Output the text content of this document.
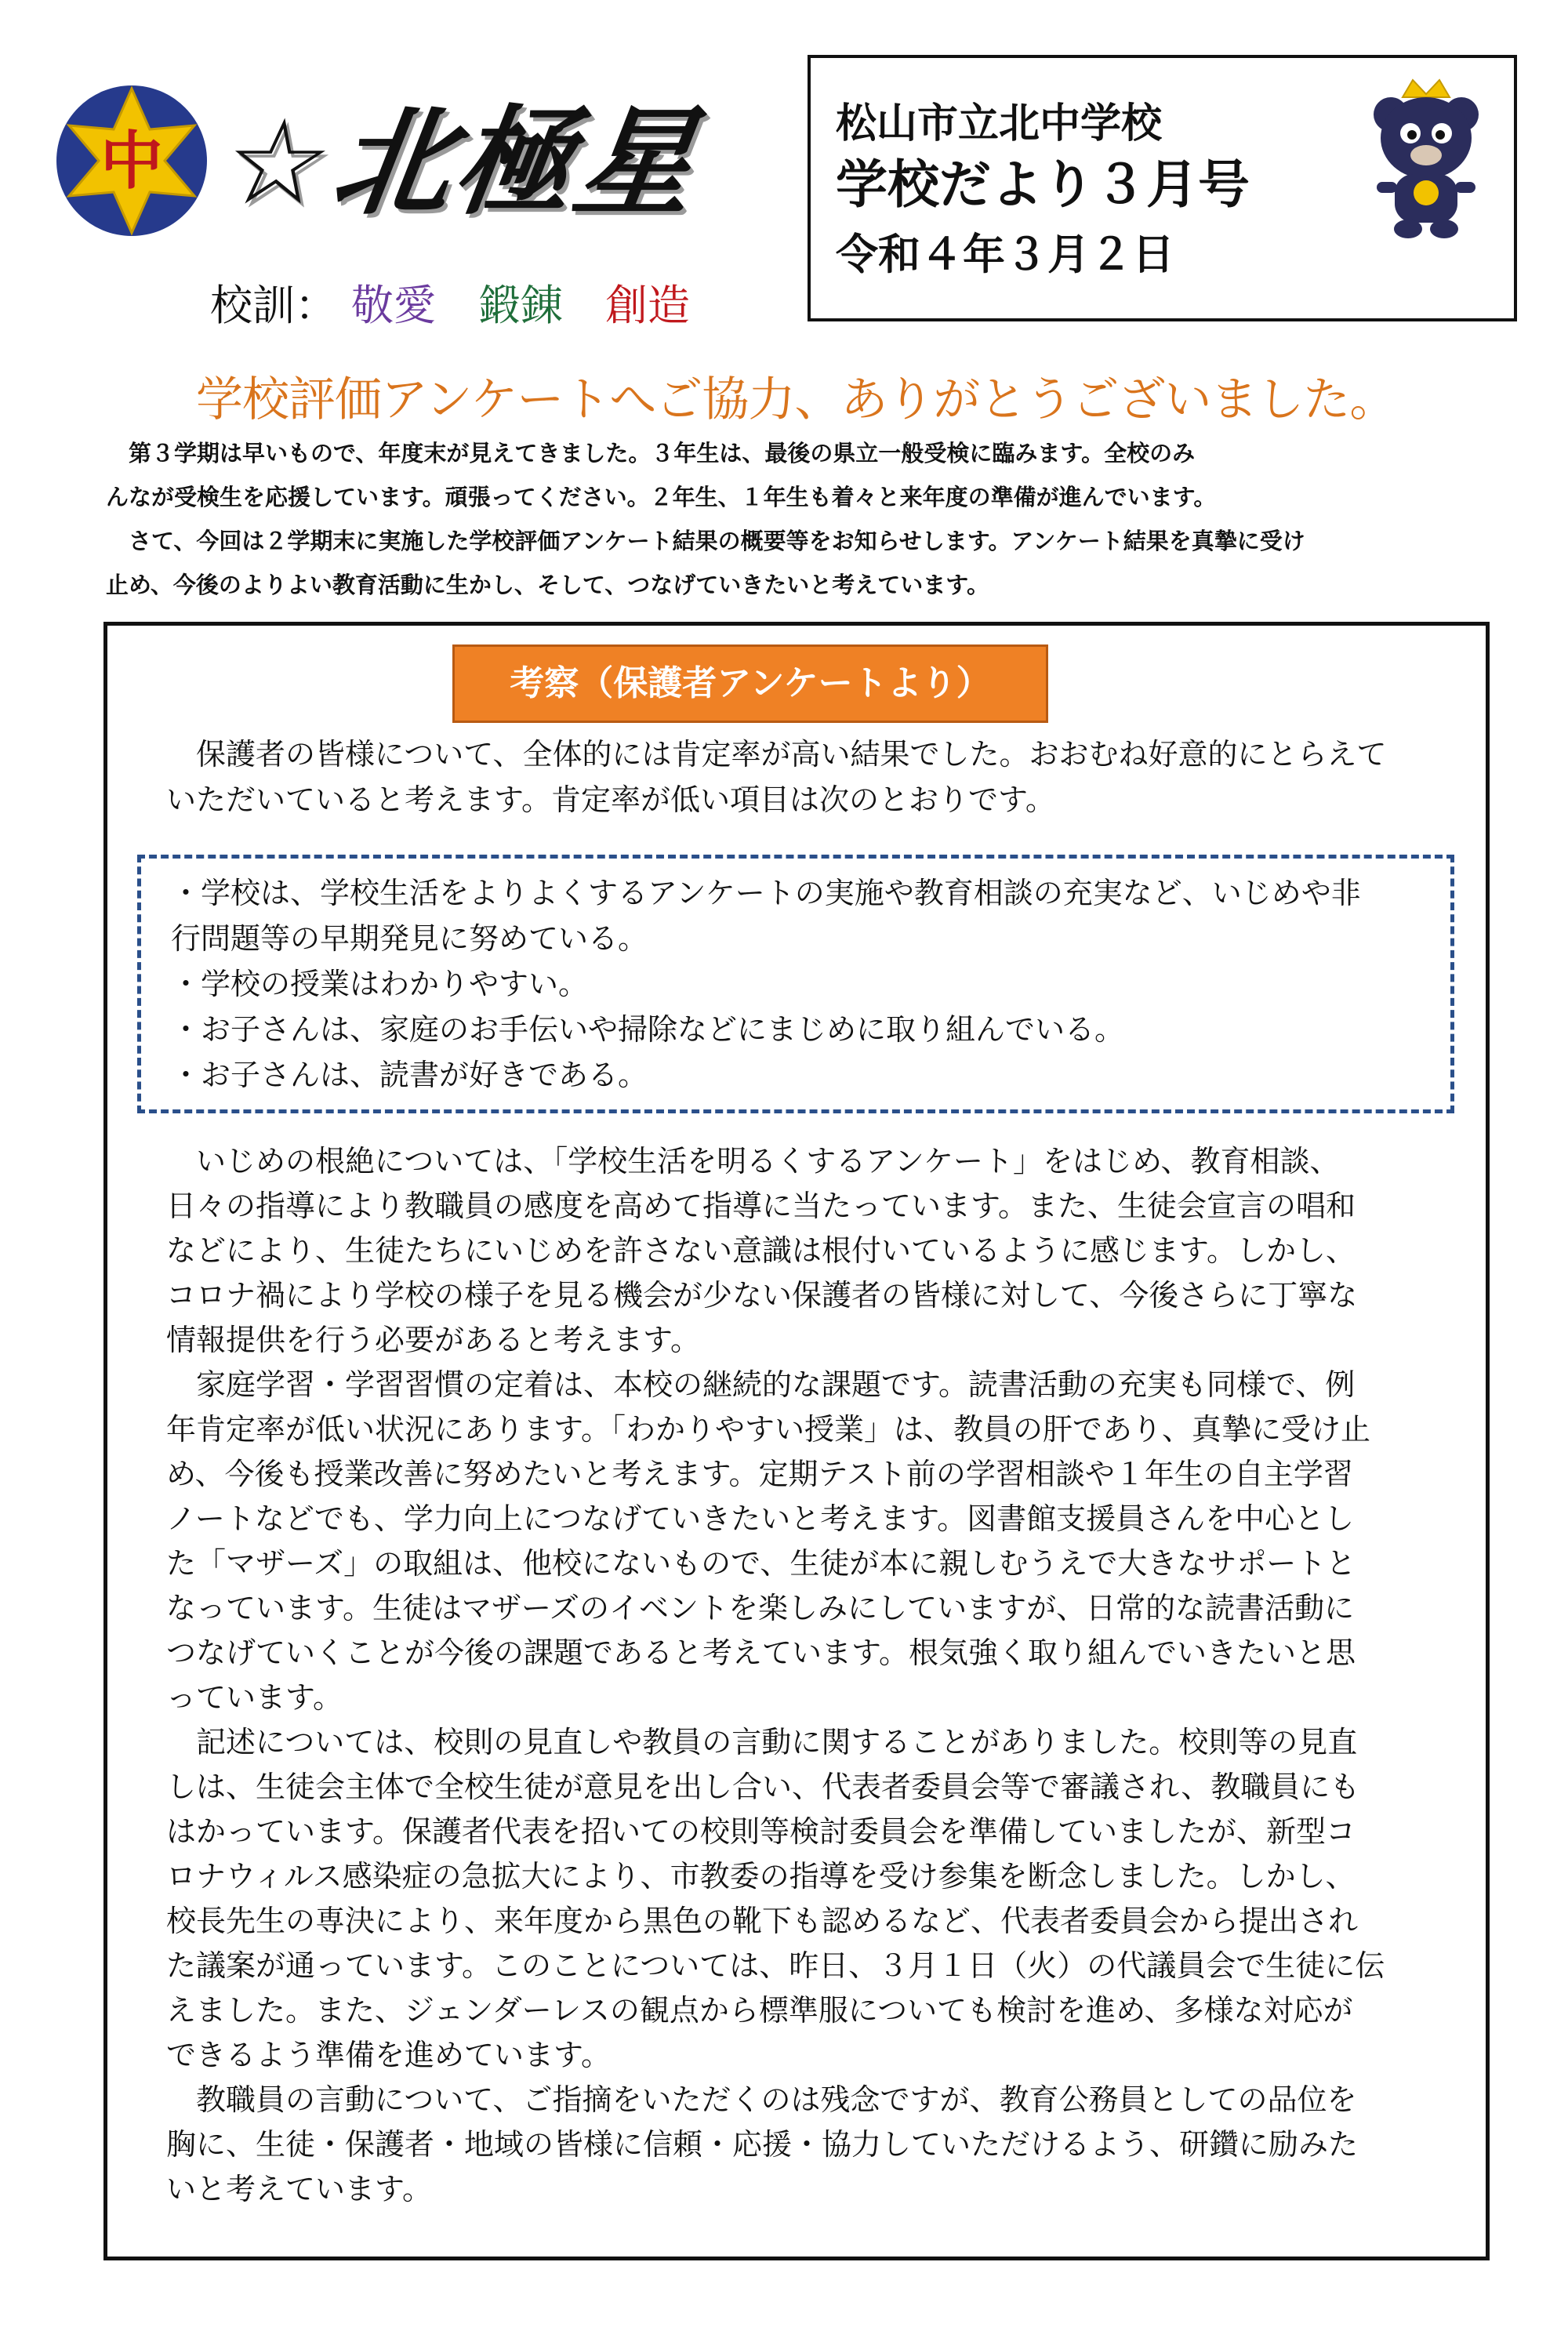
中 ☆北極星
校訓： 敬愛 鍛錬 創造
松山市立北中学校
学校だより３月号
令和４年３月２日
学校評価アンケートへご協力、ありがとうございました。
　第３学期は早いもので、年度末が見えてきました。３年生は、最後の県立一般受検に臨みます。全校のみ
んなが受検生を応援しています。頑張ってください。２年生、１年生も着々と来年度の準備が進んでいます。
　さて、今回は２学期末に実施した学校評価アンケート結果の概要等をお知らせします。アンケート結果を真摯に受け
止め、今後のよりよい教育活動に生かし、そして、つなげていきたいと考えています。
考察（保護者アンケートより）
　保護者の皆様について、全体的には肯定率が高い結果でした。おおむね好意的にとらえて
いただいていると考えます。肯定率が低い項目は次のとおりです。
・学校は、学校生活をよりよくするアンケートの実施や教育相談の充実など、いじめや非
行問題等の早期発見に努めている。
・学校の授業はわかりやすい。
・お子さんは、家庭のお手伝いや掃除などにまじめに取り組んでいる。
・お子さんは、読書が好きである。
　いじめの根絶については、「学校生活を明るくするアンケート」をはじめ、教育相談、
日々の指導により教職員の感度を高めて指導に当たっています。また、生徒会宣言の唱和
などにより、生徒たちにいじめを許さない意識は根付いているように感じます。しかし、
コロナ禍により学校の様子を見る機会が少ない保護者の皆様に対して、今後さらに丁寧な
情報提供を行う必要があると考えます。
　家庭学習・学習習慣の定着は、本校の継続的な課題です。読書活動の充実も同様で、例
年肯定率が低い状況にあります。「わかりやすい授業」は、教員の肝であり、真摯に受け止
め、今後も授業改善に努めたいと考えます。定期テスト前の学習相談や１年生の自主学習
ノートなどでも、学力向上につなげていきたいと考えます。図書館支援員さんを中心とし
た「マザーズ」の取組は、他校にないもので、生徒が本に親しむうえで大きなサポートと
なっています。生徒はマザーズのイベントを楽しみにしていますが、日常的な読書活動に
つなげていくことが今後の課題であると考えています。根気強く取り組んでいきたいと思
っています。
　記述については、校則の見直しや教員の言動に関することがありました。校則等の見直
しは、生徒会主体で全校生徒が意見を出し合い、代表者委員会等で審議され、教職員にも
はかっています。保護者代表を招いての校則等検討委員会を準備していましたが、新型コ
ロナウィルス感染症の急拡大により、市教委の指導を受け参集を断念しました。しかし、
校長先生の専決により、来年度から黒色の靴下も認めるなど、代表者委員会から提出され
た議案が通っています。このことについては、昨日、３月１日（火）の代議員会で生徒に伝
えました。また、ジェンダーレスの観点から標準服についても検討を進め、多様な対応が
できるよう準備を進めています。
　教職員の言動について、ご指摘をいただくのは残念ですが、教育公務員としての品位を
胸に、生徒・保護者・地域の皆様に信頼・応援・協力していただけるよう、研鑽に励みた
いと考えています。
